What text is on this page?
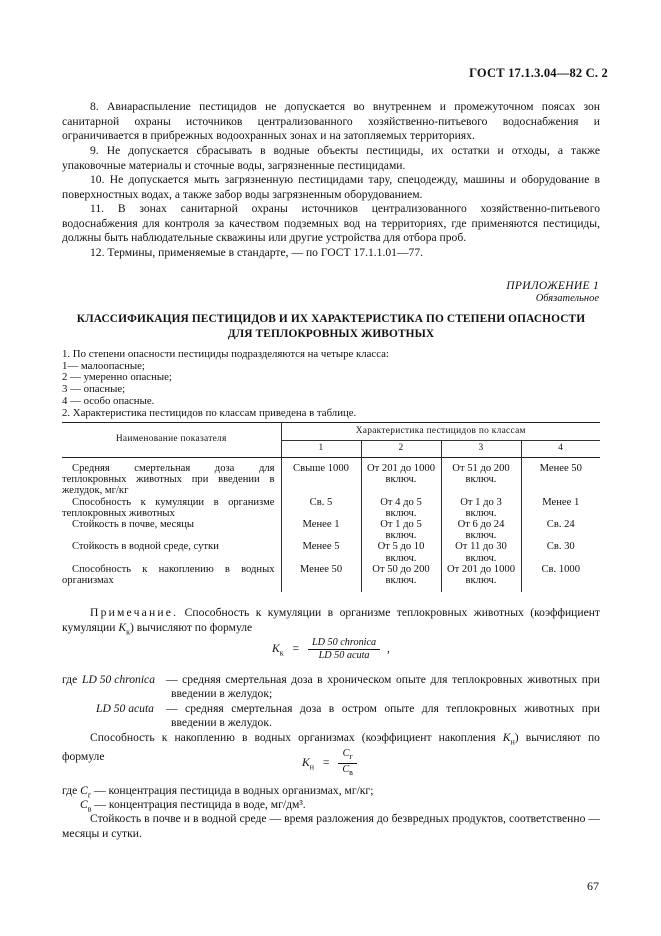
ГОСТ 17.1.3.04—82 С. 2
8. Авиараспыление пестицидов не допускается во внутреннем и промежуточном поясах зон санитарной охраны источников централизованного хозяйственно-питьевого водоснабжения и ограничивается в прибрежных водоохранных зонах и на затопляемых территориях.
9. Не допускается сбрасывать в водные объекты пестициды, их остатки и отходы, а также упаковочные материалы и сточные воды, загрязненные пестицидами.
10. Не допускается мыть загрязненную пестицидами тару, спецодежду, машины и оборудование в поверхностных водах, а также забор воды загрязненным оборудованием.
11. В зонах санитарной охраны источников централизованного хозяйственно-питьевого водоснабжения для контроля за качеством подземных вод на территориях, где применяются пестициды, должны быть наблюдательные скважины или другие устройства для отбора проб.
12. Термины, применяемые в стандарте, — по ГОСТ 17.1.1.01—77.
ПРИЛОЖЕНИЕ 1
Обязательное
КЛАССИФИКАЦИЯ ПЕСТИЦИДОВ И ИХ ХАРАКТЕРИСТИКА ПО СТЕПЕНИ ОПАСНОСТИ
ДЛЯ ТЕПЛОКРОВНЫХ ЖИВОТНЫХ
1. По степени опасности пестициды подразделяются на четыре класса:
1— малоопасные;
2 — умеренно опасные;
3 — опасные;
4 — особо опасные.
2. Характеристика пестицидов по классам приведена в таблице.
Наименование показателя	Характеристика пестицидов по классам			
	1	2	3	4

Средняя смертельная доза для теплокровных животных при введении в желудок, мг/кг	Свыше 1000	От 201 до 1000 включ.	От 51 до 200 включ.	Менее 50

Способность к кумуляции в организме теплокровных животных	Св. 5	От 4 до 5 включ.	От 1 до 3 включ.	Менее 1

Стойкость в почве, месяцы	Менее 1	От 1 до 5 включ.	От 6 до 24 включ.	Св. 24

Стойкость в водной среде, сутки	Менее 5	От 5 до 10 включ.	От 11 до 30 включ.	Св. 30

Способность к накоплению в водных организмах	Менее 50	От 50 до 200 включ.	От 201 до 1000 включ.	Св. 1000
Примечание. Способность к кумуляции в организме теплокровных животных (коэффициент кумуляции $K_к$) вычисляют по формуле
$K_к = \frac{\text{LD 50 chronica}}{\text{LD 50 acuta}}$ ,
где LD 50 chronica — средняя смертельная доза в хроническом опыте для теплокровных животных при введении в желудок;
LD 50 acuta — средняя смертельная доза в остром опыте для теплокровных животных при введении в желудок.
Способность к накоплению в водных организмах (коэффициент накопления $K_н$) вычисляют по формуле	$K_н = \frac{C_г}{C_в}$
где $C_г$ — концентрация пестицида в водных организмах, мг/кг;
$C_в$ — концентрация пестицида в воде, мг/дм³.
Стойкость в почве и в водной среде — время разложения до безвредных продуктов, соответственно — месяцы и сутки.
67
